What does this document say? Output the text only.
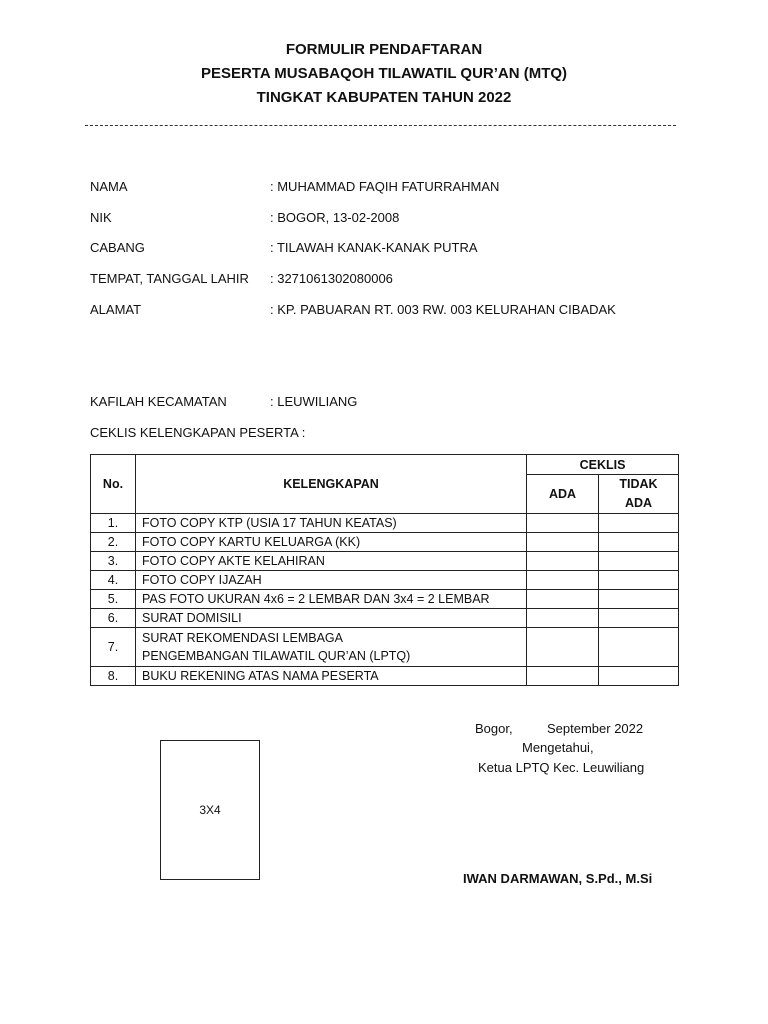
FORMULIR PENDAFTARAN
PESERTA MUSABAQOH TILAWATIL QUR’AN (MTQ)
TINGKAT KABUPATEN TAHUN 2022
NAMA	: MUHAMMAD FAQIH FATURRAHMAN
NIK	: BOGOR, 13-02-2008
CABANG	: TILAWAH KANAK-KANAK PUTRA
TEMPAT, TANGGAL LAHIR : 3271061302080006
ALAMAT	: KP. PABUARAN RT. 003 RW. 003 KELURAHAN CIBADAK
KAFILAH KECAMATAN	: LEUWILIANG
CEKLIS KELENGKAPAN PESERTA :
No.	KELENGKAPAN	CEKLIS	
		ADA	TIDAK ADA
1.	FOTO COPY KTP (USIA 17 TAHUN KEATAS)		
2.	FOTO COPY KARTU KELUARGA (KK)		
3.	FOTO COPY AKTE KELAHIRAN		
4.	FOTO COPY IJAZAH		
5.	PAS FOTO UKURAN 4x6 = 2 LEMBAR DAN 3x4 = 2 LEMBAR		
6.	SURAT DOMISILI		
7.	SURAT REKOMENDASI LEMBAGA PENGEMBANGAN TILAWATIL QUR’AN (LPTQ)		
8.	BUKU REKENING ATAS NAMA PESERTA		
3X4
Bogor,	September 2022
Mengetahui,
Ketua LPTQ Kec. Leuwiliang
IWAN DARMAWAN, S.Pd., M.Si
